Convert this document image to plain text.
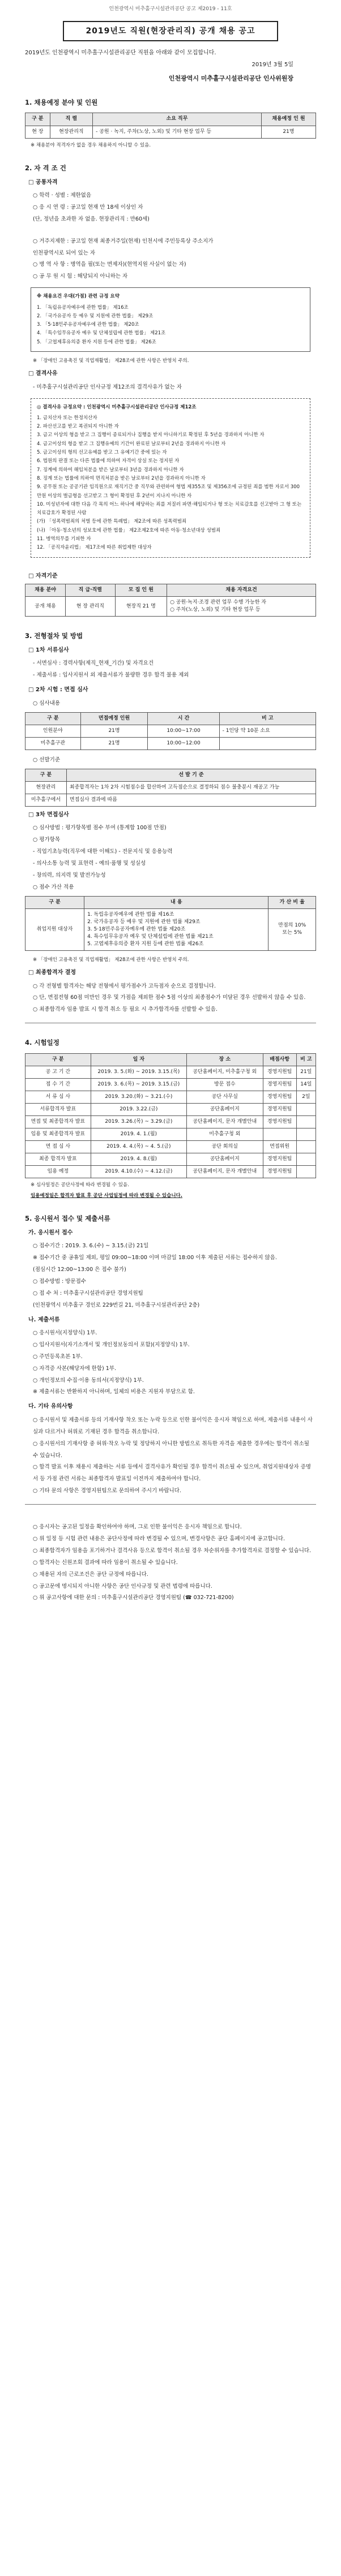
인천광역시 미추홀구시설관리공단 공고 제2019 - 11호
2019년도 직원(현장관리직) 공개 채용 공고
2019년도 인천광역시 미추홀구시설관리공단 직원을 아래와 같이 모집합니다.
2019년 3월 5일
인천광역시 미추홀구시설관리공단 인사위원장
1. 채용예정 분야 및 인원
구 분	직 렬	소요 직무	채용예정 인 원
현 장	현장관리직	- 공원 · 녹지, 주차(노상, 노외) 및 기타 현장 업무 등	21명
※ 채용분야 적격자가 없을 경우 채용하지 아니할 수 있음.
2. 자 격 조 건
□ 공통자격
○ 학력 · 성별 : 제한없음
○ 응 시 연 령 : 공고일 현재 만 18세 이상인 자
(단, 정년을 초과한 자 없음. 현장관리직 : 만60세)
○ 거주지제한 : 공고일 현재 최종거주일(현재) 인천시에 주민등록상 주소지가
인천광역시로 되어 있는 자
○ 병 역 사 항 : 병역을 필(또는 면제자)(현역지원 사실이 없는 자)
○ 공 무 원 시 험 : 해당되지 아니하는 자
※ 채용요건 우대(가점) 관련 규정 요약
1. 「독립유공자예우에 관한 법률」 제16조
2. 「국가유공자 등 예우 및 지원에 관한 법률」 제29조
3. 「5·18민주유공자예우에 관한 법률」 제20조
4. 「특수임무유공자 예우 및 단체설립에 관한 법률」 제21조
5. 「고엽제후유의증 환자 지원 등에 관한 법률」 제26조
※ 「장애인 고용촉진 및 직업재활법」 제28조에 관한 사항은 반영치 주의.
□ 결격사유
- 미추홀구시설관리공단 인사규정 제12조의 결격사유가 없는 자
◎ 결격사유 규정요약 : 인천광역시 미추홀구시설관리공단 인사규정 제12조
1. 금치산자 또는 한정치산자
2. 파산선고를 받고 복권되지 아니한 자
3. 금고 이상의 형을 받고 그 집행이 종료되거나 집행을 받지 아니하기로 확정된 후 5년을 경과하지 아니한 자
4. 금고이상의 형을 받고 그 집행유예의 기간이 완료된 날로부터 2년을 경과하지 아니한 자
5. 금고이상의 형의 선고유예를 받고 그 유예기간 중에 있는 자
6. 법원의 판결 또는 다른 법률에 의하여 자격이 상실 또는 정지된 자
7. 징계에 의하여 해임처분을 받은 날로부터 3년을 경과하지 아니한 자
8. 징계 또는 법률에 의하여 면직처분을 받은 날로부터 2년을 경과하지 아니한 자
9. 공무원 또는 공공기관 임직원으로 재직기간 중 직무와 관련하여 형법 제355조 및 제356조에 규정된 죄를 범한 자로서 300만원 이상의 벌금형을 선고받고 그 형이 확정된 후 2년이 지나지 아니한 자
10. 미성년자에 대한 다음 각 목의 어느 하나에 해당하는 죄를 저질러 파면·해임되거나 형 또는 치료감호를 선고받아 그 형 또는 치료감호가 확정된 사람
(가) 「성폭력범죄의 처벌 등에 관한 특례법」 제2조에 따른 성폭력범죄
(나) 「아동·청소년의 성보호에 관한 법률」 제2조제2호에 따른 아동·청소년대상 성범죄
11. 병역의무를 기피한 자
12. 「공직자윤리법」 제17조에 따른 취업제한 대상자
□ 자격기준
채용 분야	직 급·직렬	모 집 인 원	채용 자격요건
공개 채용	현 장 관리직	현장직 21 명	○ 공원·녹지·조경 관련 업무 수행 가능한 자
○ 주차(노상, 노외) 및 기타 현장 업무 등
3. 전형절차 및 방법
□ 1차 서류심사
- 서면심사 : 경력사항(제직_현재_기간) 및 자격요건
- 제출서류 : 입사지원서 외 제출서류가 불량한 경우 합격 불용 제외
□ 2차 시험 : 면접 심사
○ 심사내용
구 분	면접예정 인원	시 간	비 고
인원분야	21명	10:00~17:00	- 1인당 약 10분 소요
미추홀구관	21명	10:00~12:00	
○ 선발기준
구 분	선 발 기 준
현장관리	최종합격자는 1차 2차 시험점수를 합산하여 고득점순으로 결정하되 점수 불충분시 재공고 가능
미추홀구에서	면접심사 결과에 따름
□ 3차 면접심사
○ 심사방법 : 평가항목별 점수 부여 (통계합 100점 만점)
○ 평가항목
- 직업기초능력(직무에 대한 이해도) - 전문지식 및 응용능력
- 의사소통 능력 및 표현력 - 예의·품행 및 성실성
- 창의력, 의지력 및 발전가능성
○ 점수 가산 적용
구 분	내 용	가 산 비 율
취업지원 대상자	1. 독립유공자예우에 관한 법률 제16조
2. 국가유공자 등 예우 및 지원에 관한 법률 제29조
3. 5·18민주유공자예우에 관한 법률 제20조
4. 특수임무유공자 예우 및 단체설립에 관한 법률 제21조
5. 고엽제후유의증 환자 지원 등에 관한 법률 제26조	만점의 10%
또는 5%
※ 「장애인 고용촉진 및 직업재활법」 제28조에 관한 사항은 반영치 주의.
□ 최종합격자 결정
○ 각 전형별 합격자는 해당 전형에서 평가점수가 고득점자 순으로 결정합니다.
○ 단, 면접전형 60점 미만인 경우 및 가점을 제외한 점수 5점 이상의 최종점수가 미달된 경우 선발하지 않을 수 있음.
○ 최종합격자 임용 발표 시 합격 취소 등 필요 시 추가합격자를 선발할 수 있음.
4. 시험일정
구 분	일 자	장 소	배점사항	비 고
공 고 기 간	2019. 3. 5.(화) ~ 2019. 3.15.(목)	공단홈페이지, 미추홀구청 외	경영지원팀	21일
접 수 기 간	2019. 3. 6.(목) ~ 2019. 3.15.(금)	방문 접수	경영지원팀	14일
서 류 심 사	2019. 3.20.(화) ~ 3.21.(수)	공단 사무실	경영지원팀	2일
서류합격자 발표	2019. 3.22.(금)	공단홈페이지	경영지원팀	
면접 및 최종합격자 발표	2019. 3.26.(목) ~ 3.29.(금)	공단홈페이지, 문자 개별안내	경영지원팀	
임용 및 최종합격자 발표	2019. 4. 1.(월)	미추홀구청 외		
면 접 심 사	2019. 4. 4.(목) ~ 4. 5.(금)	공단 회의실	면접위원	
최종 합격자 발표	2019. 4. 8.(월)	공단홈페이지	경영지원팀	
임용 예정	2019. 4.10.(수) ~ 4.12.(금)	공단홈페이지, 문자 개별안내	경영지원팀	
※ 심사일정은 공단사정에 따라 변경될 수 있음.
임용예정일은 합격자 발표 후 공단 사업일정에 따라 변경될 수 있습니다.
5. 응시원서 접수 및 제출서류
가. 응시원서 접수
○ 접수기간 : 2019. 3. 6.(수) ~ 3.15.(금) 21일
※ 접수기간 중 공휴일 제외, 평일 09:00~18:00 이며 마감일 18:00 이후 제출된 서류는 접수하지 않음.
(점심시간 12:00~13:00 은 접수 불가)
○ 접수방법 : 방문접수
○ 접 수 처 : 미추홀구시설관리공단 경영지원팀
(인천광역시 미추홀구 경인로 229번길 21, 미추홀구시설관리공단 2층)
나. 제출서류
○ 응시원서(지정양식) 1부.
○ 입사지원서(자기소개서 및 개인정보동의서 포함)(지정양식) 1부.
○ 주민등록초본 1부.
○ 자격증 사본(해당자에 한함) 1부.
○ 개인정보의 수집·이용 동의서(지정양식) 1부.
※ 제출서류는 반환하지 아니하며, 일체의 비용은 지원자 부담으로 함.
다. 기타 유의사항
○ 응시원서 및 제출서류 등의 기재사항 착오 또는 누락 등으로 인한 불이익은 응시자 책임으로 하며, 제출서류 내용이 사실과 다르거나 허위로 기재된 경우 합격을 취소합니다.
○ 응시원서의 기재사항 중 허위·착오 누락 및 정당하지 아니한 방법으로 취득한 자격을 제출한 경우에는 합격이 취소될 수 있습니다.
○ 합격 발표 이후 채용시 제출하는 서류 등에서 결격사유가 확인될 경우 합격이 취소될 수 있으며, 취업지원대상자 증명서 등 가점 관련 서류는 최종합격자 발표일 이전까지 제출하여야 합니다.
○ 기타 문의 사항은 경영지원팀으로 문의하여 주시기 바랍니다.
○ 응시자는 공고된 일정을 확인하여야 하며, 그로 인한 불이익은 응시자 책임으로 합니다.
○ 위 일정 등 시험 관련 내용은 공단사정에 따라 변경될 수 있으며, 변경사항은 공단 홈페이지에 공고합니다.
○ 최종합격자가 임용을 포기하거나 결격사유 등으로 합격이 취소될 경우 차순위자를 추가합격자로 결정할 수 있습니다.
○ 합격자는 신원조회 결과에 따라 임용이 취소될 수 있습니다.
○ 채용된 자의 근로조건은 공단 규정에 따릅니다.
○ 공고문에 명시되지 아니한 사항은 공단 인사규정 및 관련 법령에 따릅니다.
○ 위 공고사항에 대한 문의 : 미추홀구시설관리공단 경영지원팀 (☎ 032-721-8200)
